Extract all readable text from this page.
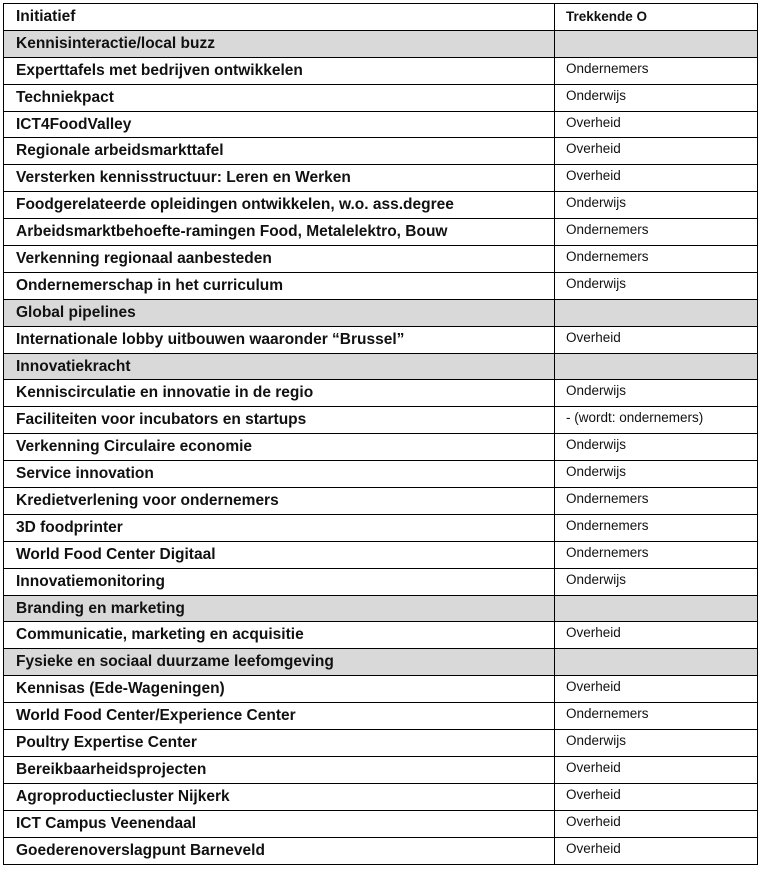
Initiatief	Trekkende O
Kennisinteractie/local buzz
Experttafels met bedrijven ontwikkelen	Ondernemers
Techniekpact	Onderwijs
ICT4FoodValley	Overheid
Regionale arbeidsmarkttafel	Overheid
Versterken kennisstructuur: Leren en Werken	Overheid
Foodgerelateerde opleidingen ontwikkelen, w.o. ass.degree	Onderwijs
Arbeidsmarktbehoefte-ramingen Food, Metalelektro, Bouw	Ondernemers
Verkenning regionaal aanbesteden	Ondernemers
Ondernemerschap in het curriculum	Onderwijs
Global pipelines
Internationale lobby uitbouwen waaronder “Brussel”	Overheid
Innovatiekracht
Kenniscirculatie en innovatie in de regio	Onderwijs
Faciliteiten voor incubators en startups	- (wordt: ondernemers)
Verkenning Circulaire economie	Onderwijs
Service innovation	Onderwijs
Kredietverlening voor ondernemers	Ondernemers
3D foodprinter	Ondernemers
World Food Center Digitaal	Ondernemers
Innovatiemonitoring	Onderwijs
Branding en marketing
Communicatie, marketing en acquisitie	Overheid
Fysieke en sociaal duurzame leefomgeving
Kennisas (Ede-Wageningen)	Overheid
World Food Center/Experience Center	Ondernemers
Poultry Expertise Center	Onderwijs
Bereikbaarheidsprojecten	Overheid
Agroproductiecluster Nijkerk	Overheid
ICT Campus Veenendaal	Overheid
Goederenoverslagpunt Barneveld	Overheid
